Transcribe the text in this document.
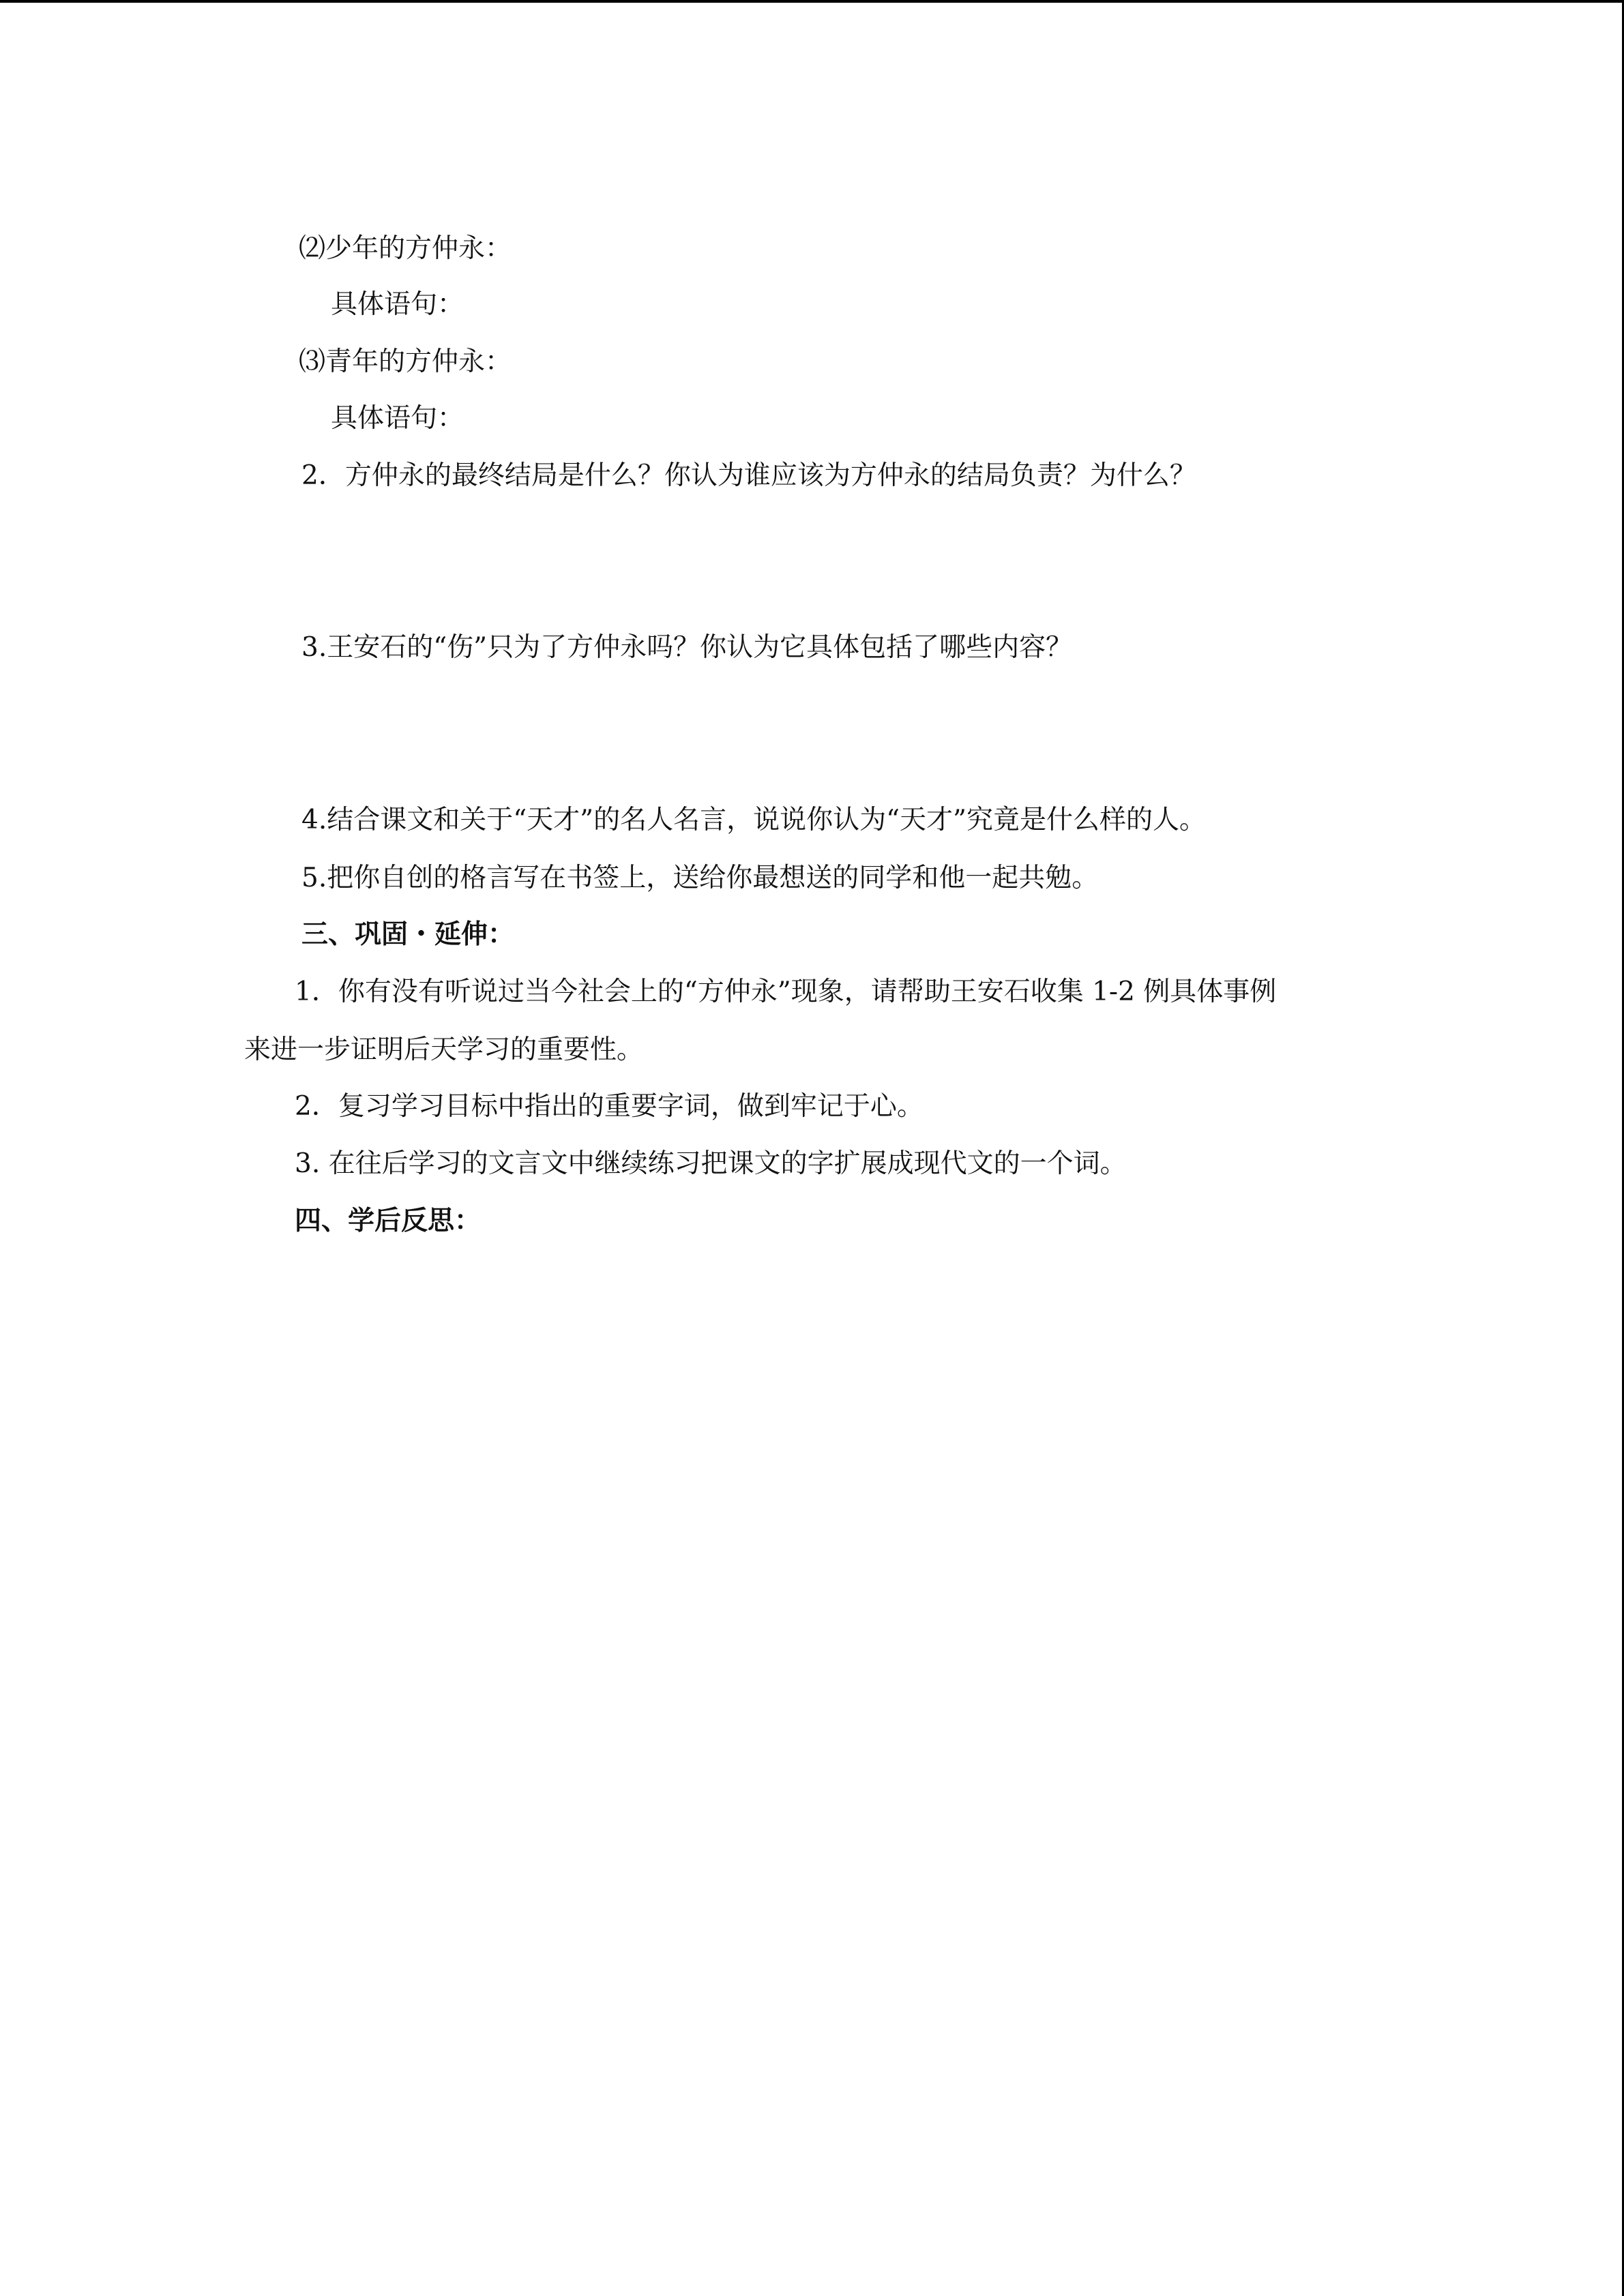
⑵少年的方仲永：
具体语句：
⑶青年的方仲永：
具体语句：
2．方仲永的最终结局是什么？你认为谁应该为方仲永的结局负责？为什么？
3.王安石的“伤”只为了方仲永吗？你认为它具体包括了哪些内容？
4.结合课文和关于“天才”的名人名言，说说你认为“天才”究竟是什么样的人。
5.把你自创的格言写在书签上，送给你最想送的同学和他一起共勉。
三、巩固・延伸：
1．你有没有听说过当今社会上的“方仲永”现象，请帮助王安石收集 1-2 例具体事例
来进一步证明后天学习的重要性。
2．复习学习目标中指出的重要字词，做到牢记于心。
3. 在往后学习的文言文中继续练习把课文的字扩展成现代文的一个词。
四、学后反思：
